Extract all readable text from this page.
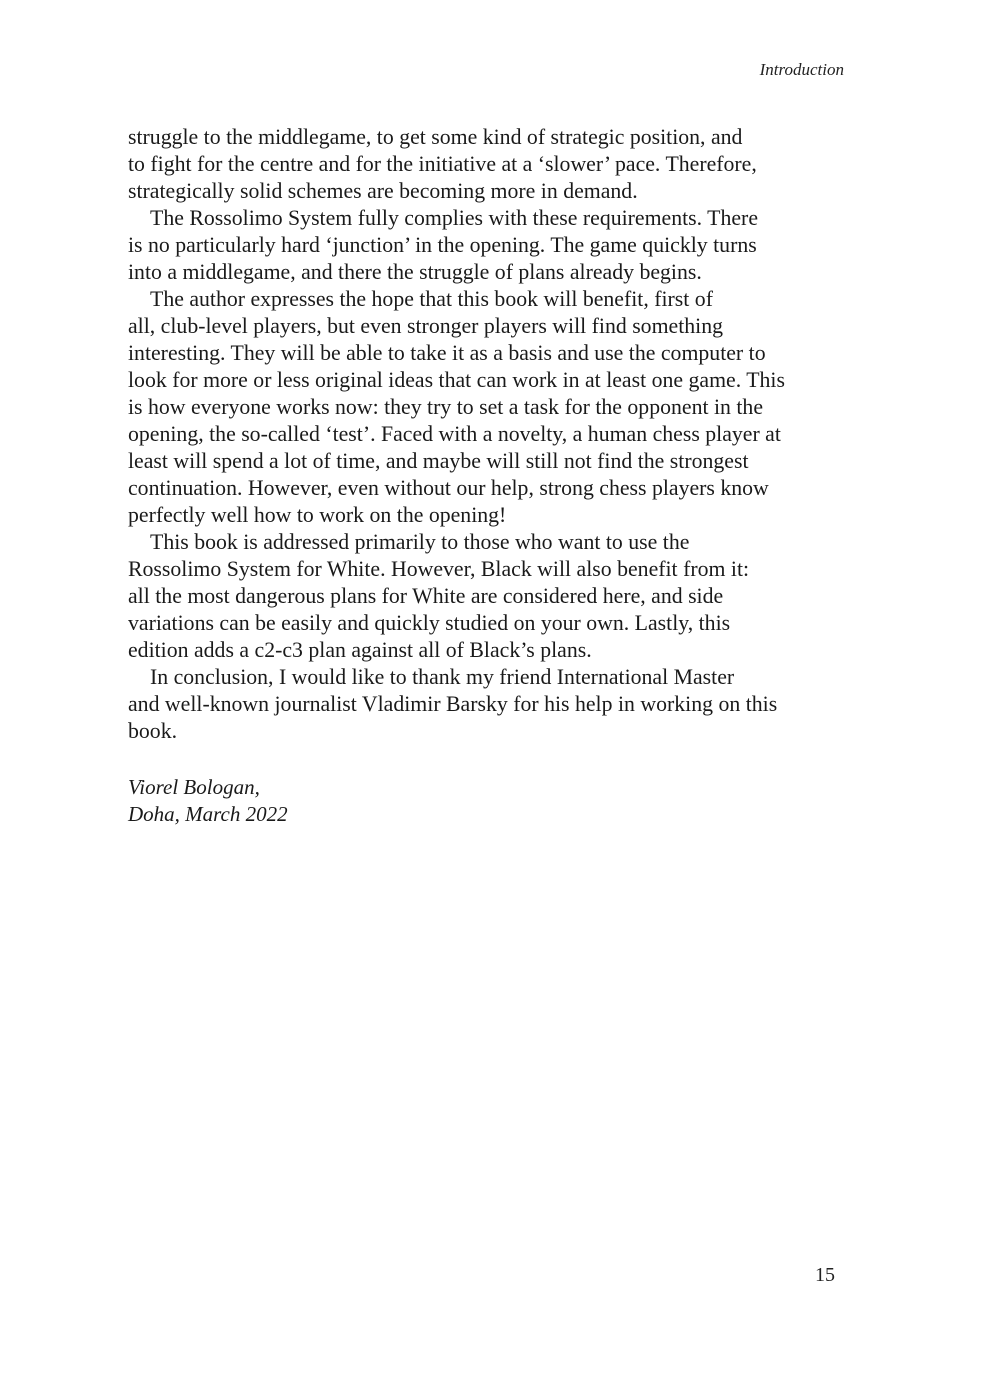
Introduction

struggle to the middlegame, to get some kind of strategic position, and
to fight for the centre and for the initiative at a ‘slower’ pace. Therefore,
strategically solid schemes are becoming more in demand.

The Rossolimo System fully complies with these requirements. There
is no particularly hard ‘junction’ in the opening. The game quickly turns
into a middlegame, and there the struggle of plans already begins.

The author expresses the hope that this book will benefit, first of
all, club-level players, but even stronger players will find something
interesting. They will be able to take it as a basis and use the computer to
look for more or less original ideas that can work in at least one game. This
is how everyone works now: they try to set a task for the opponent in the
opening, the so-called ‘test’. Faced with a novelty, a human chess player at
least will spend a lot of time, and maybe will still not find the strongest
continuation. However, even without our help, strong chess players know
perfectly well how to work on the opening!

This book is addressed primarily to those who want to use the
Rossolimo System for White. However, Black will also benefit from it:
all the most dangerous plans for White are considered here, and side
variations can be easily and quickly studied on your own. Lastly, this
edition adds a c2-c3 plan against all of Black’s plans.

In conclusion, I would like to thank my friend International Master
and well-known journalist Vladimir Barsky for his help in working on this
book.

Viorel Bologan,
Doha, March 2022
15
